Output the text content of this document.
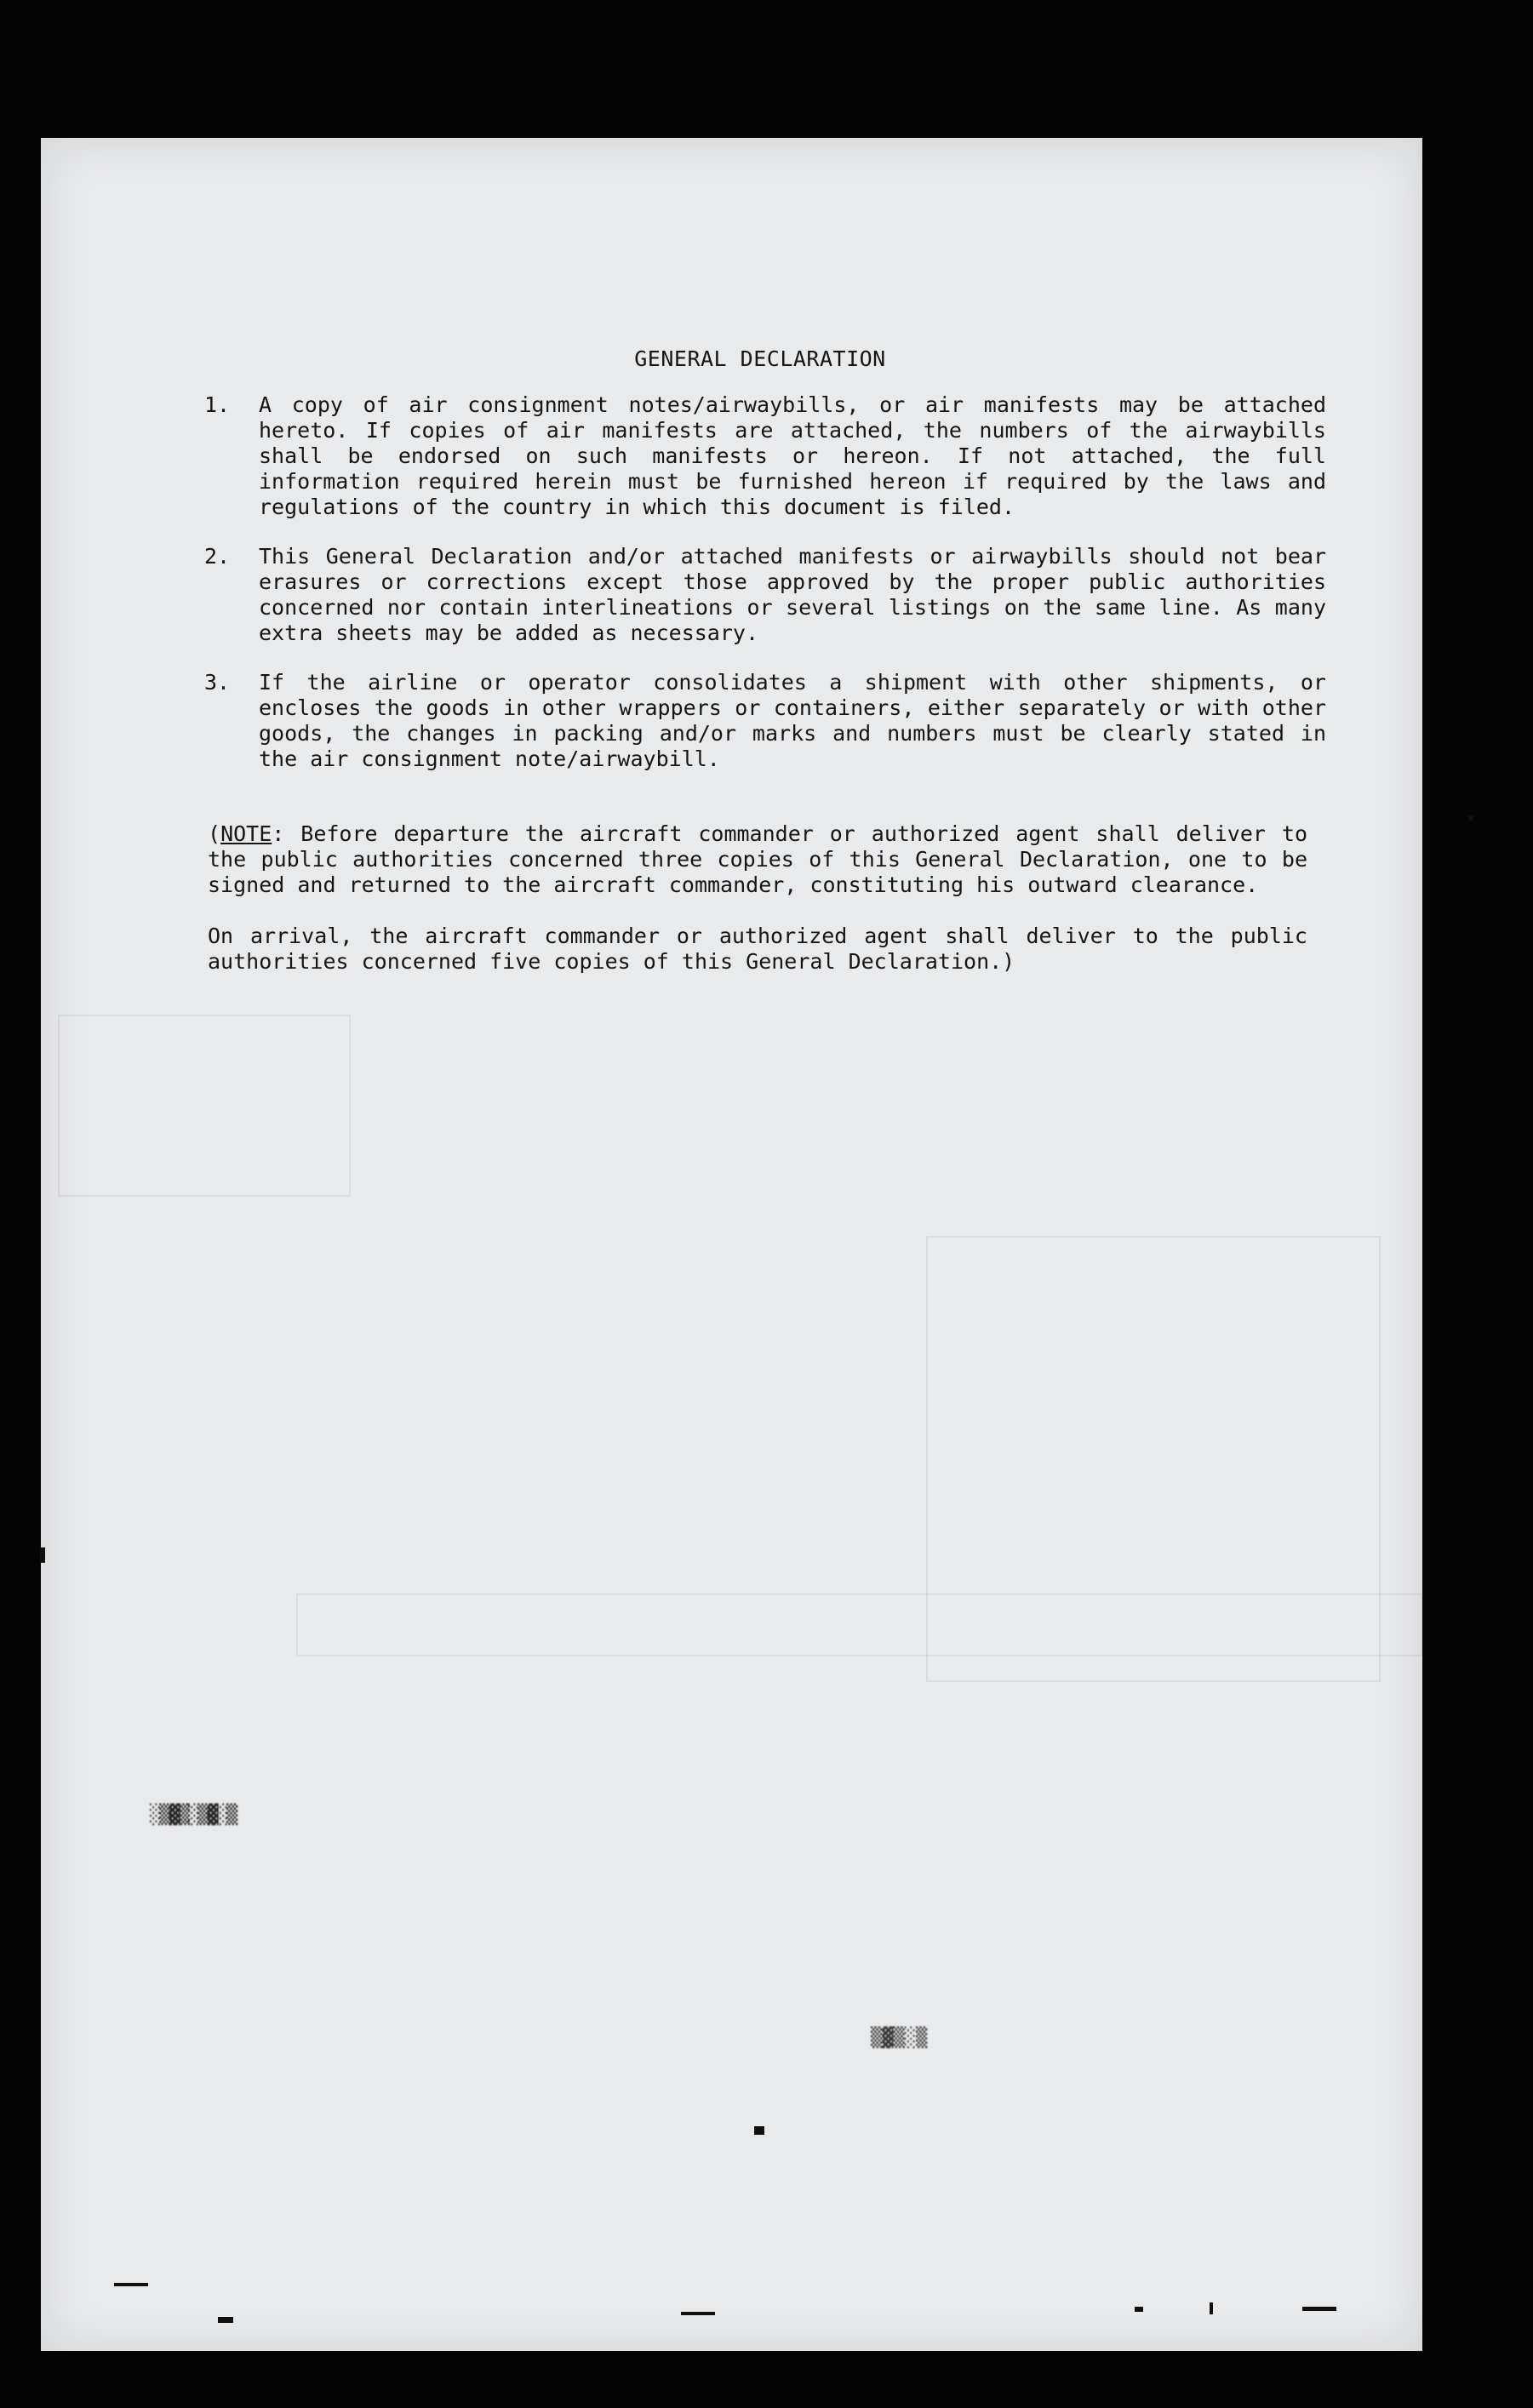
░▒▓▒░▒▓░▒
▒▓▒░▒
GENERAL DECLARATION
1.	A copy of air consignment notes/airwaybills, or air manifests may be attached hereto. If copies of air manifests are attached, the numbers of the airwaybills shall be endorsed on such manifests or hereon. If not attached, the full information required herein must be furnished hereon if required by the laws and regulations of the country in which this document is filed.
2.	This General Declaration and/or attached manifests or airwaybills should not bear erasures or corrections except those approved by the proper public authorities concerned nor contain interlineations or several listings on the same line. As many extra sheets may be added as necessary.
3.	If the airline or operator consolidates a shipment with other shipments, or encloses the goods in other wrappers or containers, either separately or with other goods, the changes in packing and/or marks and numbers must be clearly stated in the air consignment note/airwaybill.
(NOTE: Before departure the aircraft commander or authorized agent shall deliver to the public authorities concerned three copies of this General Declaration, one to be signed and returned to the aircraft commander, constituting his outward clearance.
On arrival, the aircraft commander or authorized agent shall deliver to the public authorities concerned five copies of this General Declaration.)
